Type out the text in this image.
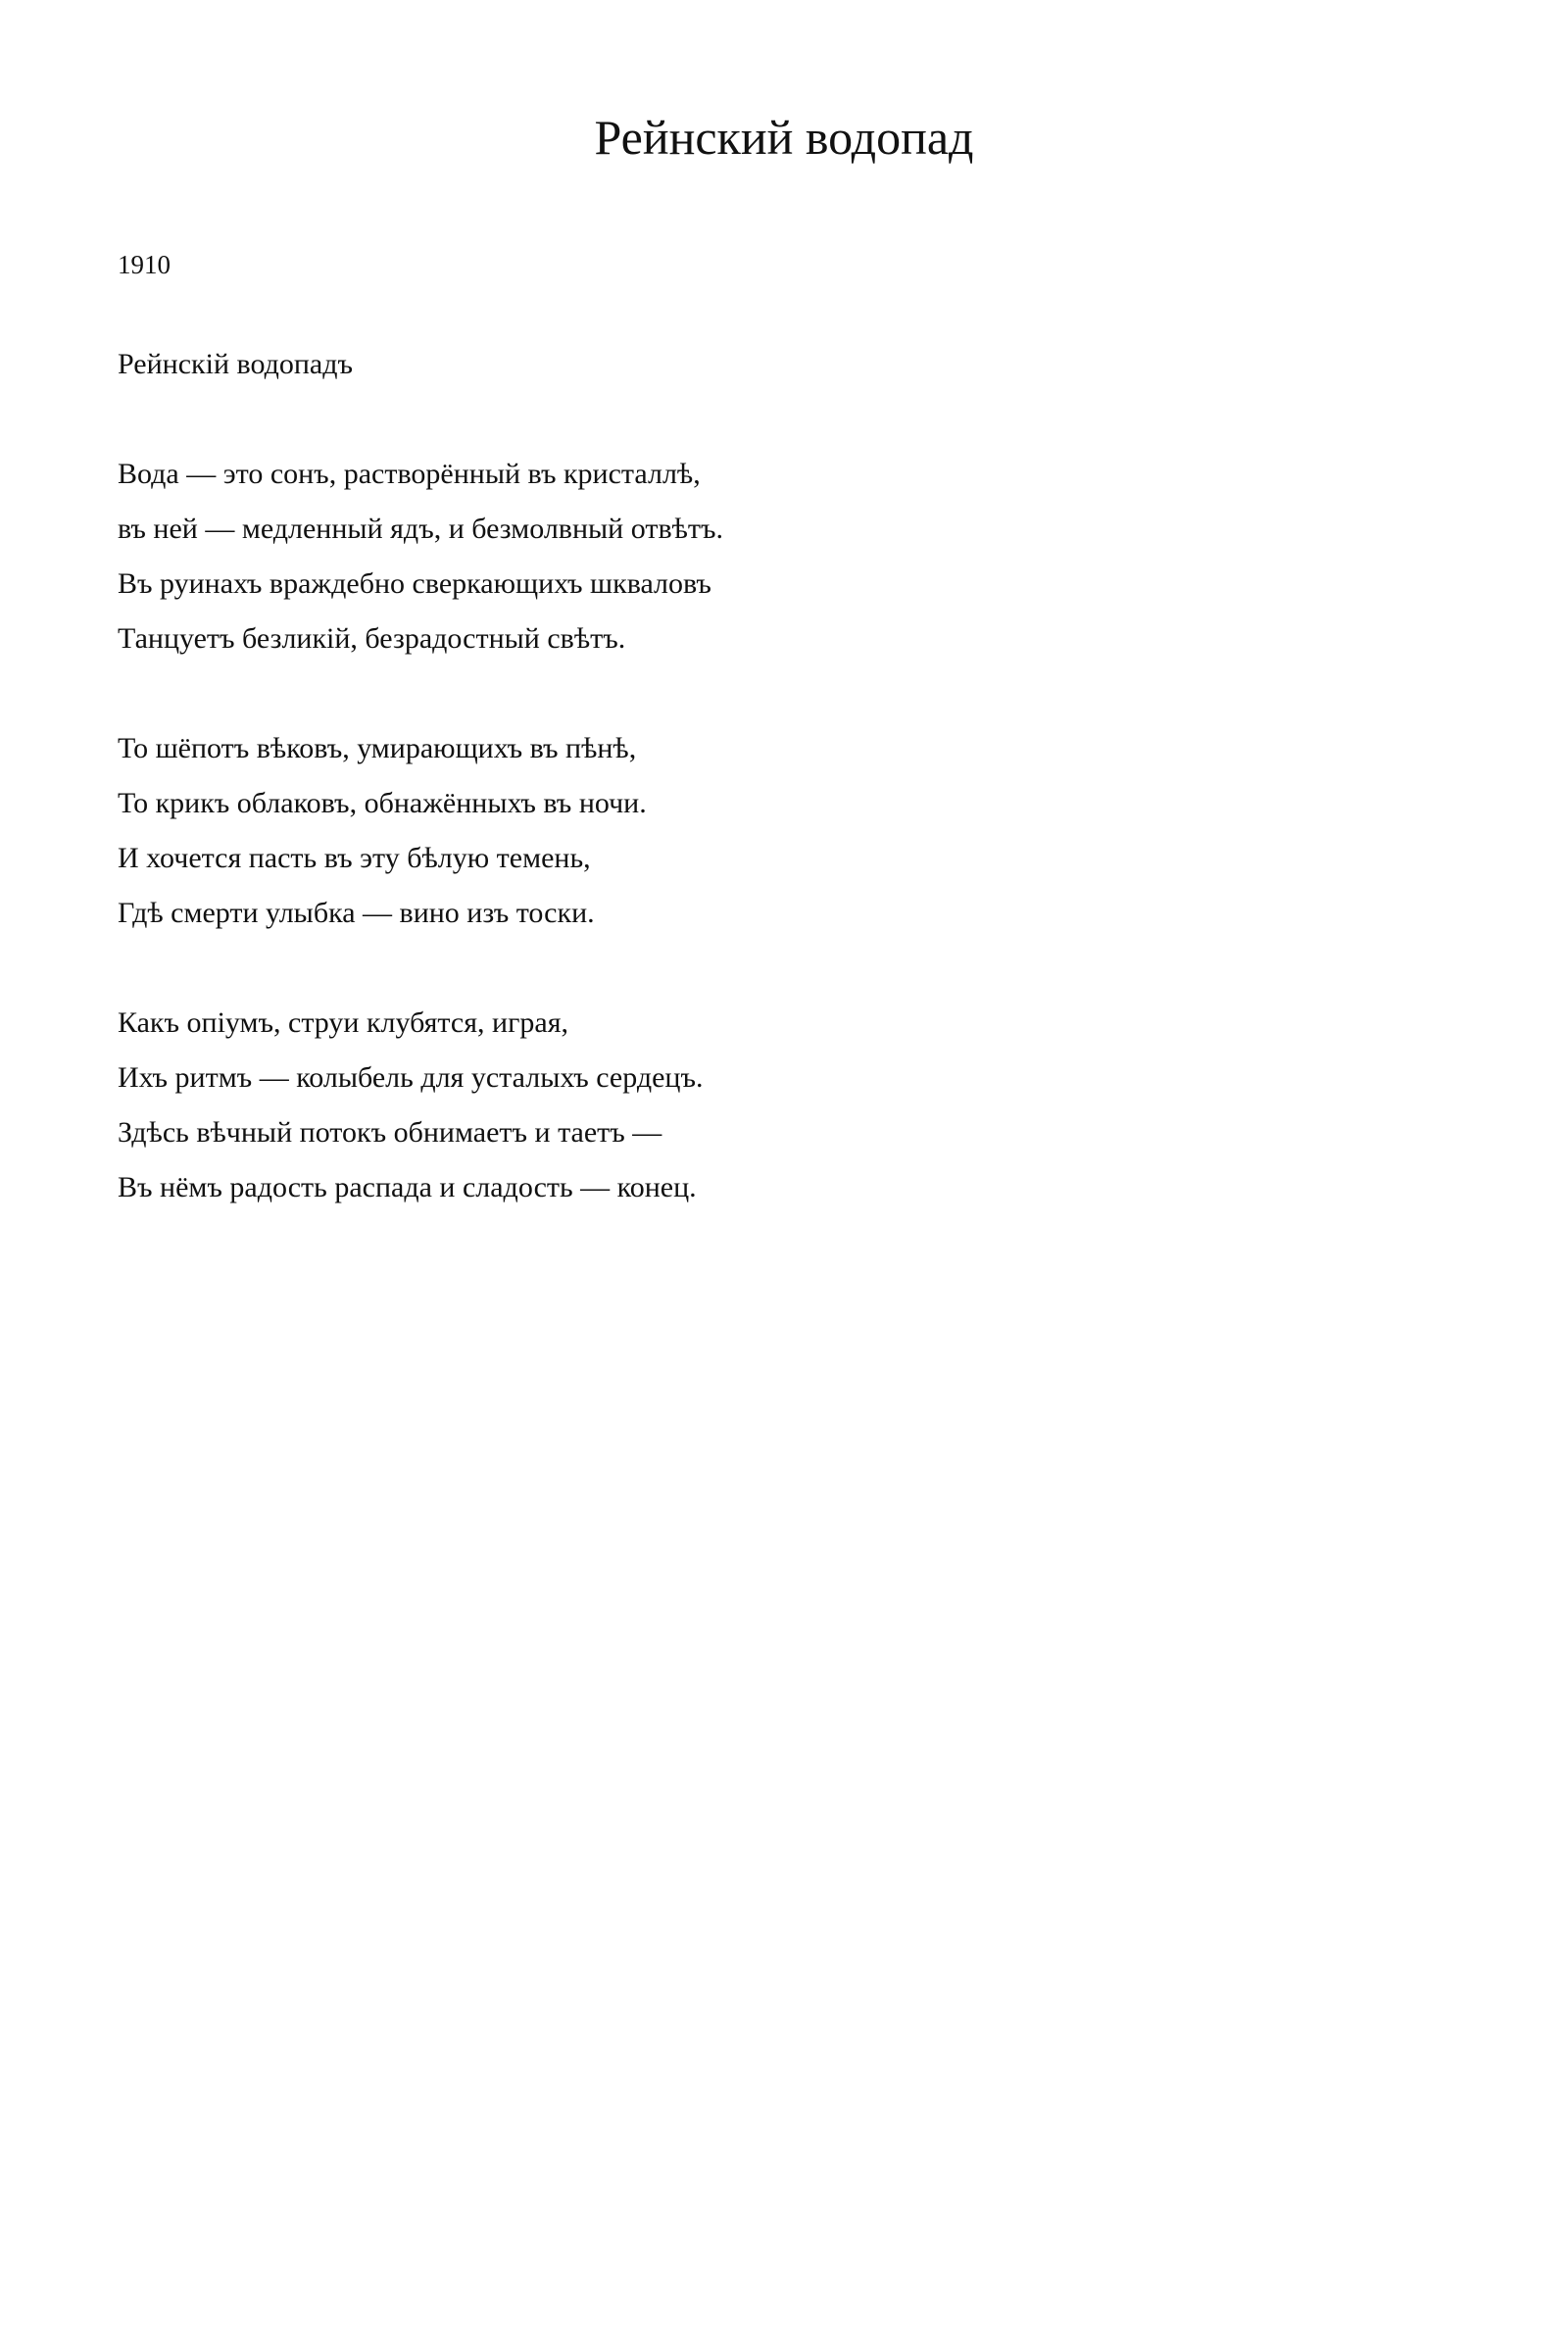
Рейнский водопад
1910
Рейнскій водопадъ
Вода — это сонъ, растворённый въ кристаллѣ,
въ ней — медленный ядъ, и безмолвный отвѣтъ.
Въ руинахъ враждебно сверкающихъ шкваловъ
Танцуетъ безликій, безрадостный свѣтъ.
То шёпотъ вѣковъ, умирающихъ въ пѣнѣ,
То крикъ облаковъ, обнажённыхъ въ ночи.
И хочется пасть въ эту бѣлую темень,
Гдѣ смерти улыбка — вино изъ тоски.
Какъ опіумъ, струи клубятся, играя,
Ихъ ритмъ — колыбель для усталыхъ сердецъ.
Здѣсь вѣчный потокъ обнимаетъ и таетъ —
Въ нёмъ радость распада и сладость — конец.
